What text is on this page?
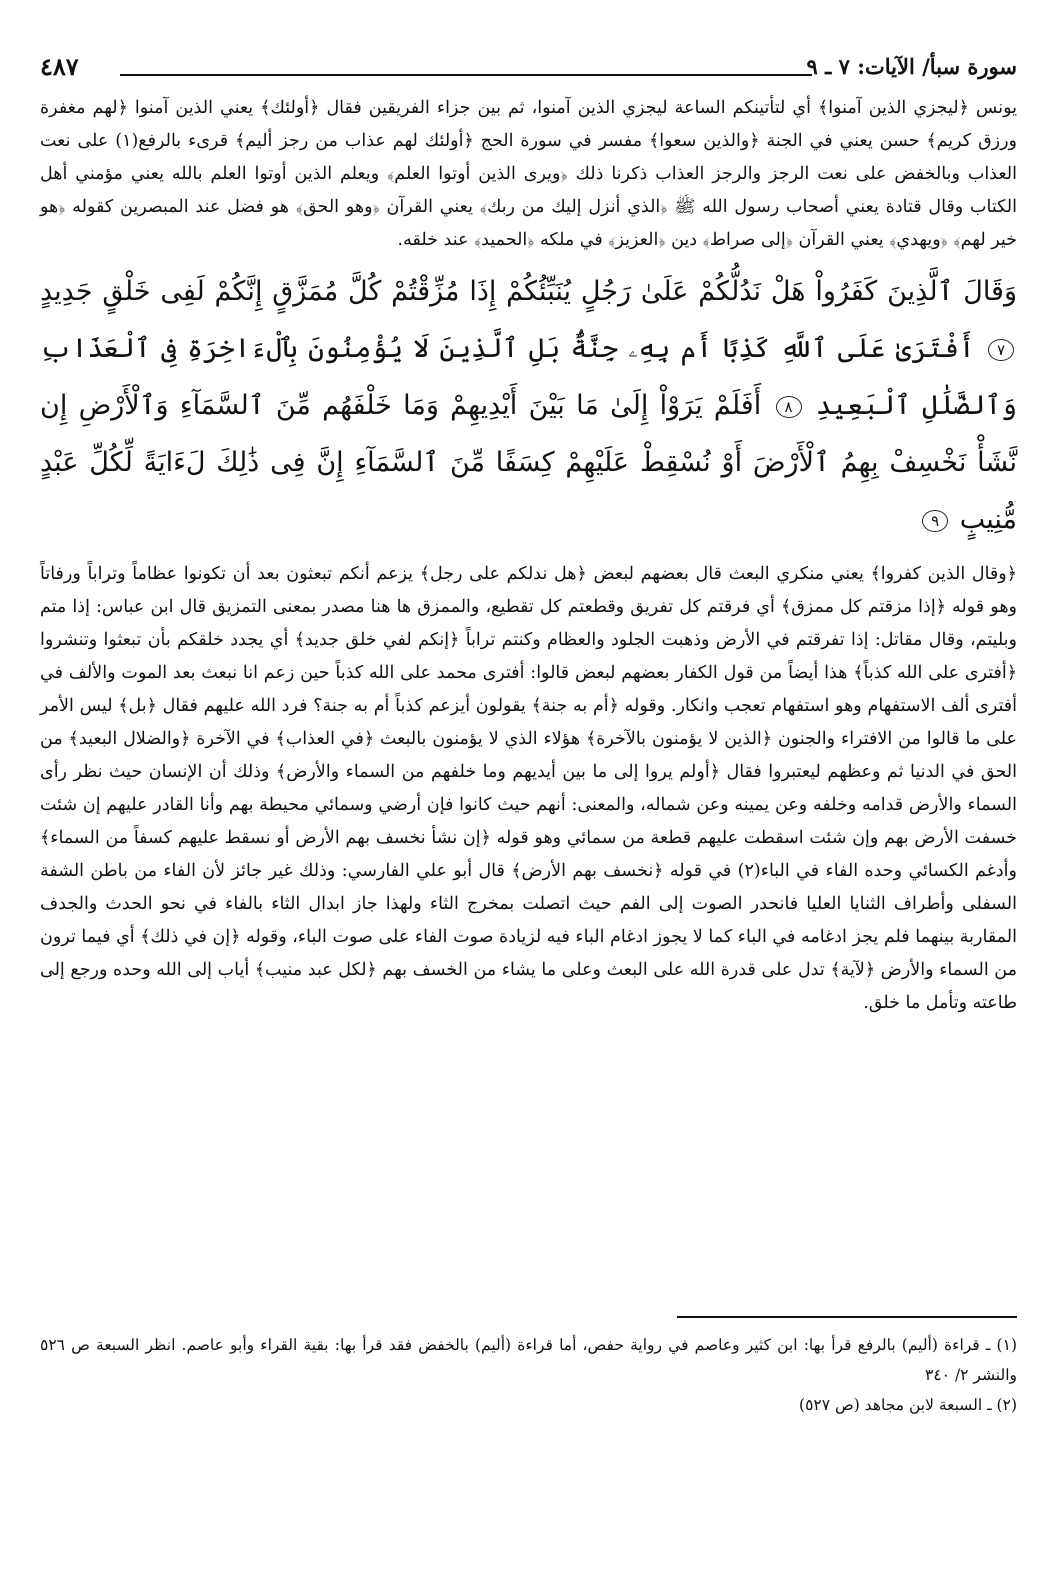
سورة سبأ/ الآيات: ٧ ـ ٩
٤٨٧

يونس ﴿ليجزي الذين آمنوا﴾ أي لتأتينكم الساعة ليجزي الذين آمنوا، ثم بين جزاء الفريقين فقال ﴿أولئك﴾ يعني الذين آمنوا ﴿لهم مغفرة ورزق كريم﴾ حسن يعني في الجنة ﴿والذين سعوا﴾ مفسر في سورة الحج ﴿أولئك لهم عذاب من رجز أليم﴾ قرىء بالرفع(١) على نعت العذاب وبالخفض على نعت الرجز والرجز العذاب ذكرنا ذلك ﴿ويرى الذين أوتوا العلم﴾ ويعلم الذين أوتوا العلم بالله يعني مؤمني أهل الكتاب وقال قتادة يعني أصحاب رسول الله ﷺ ﴿الذي أنزل إليك من ربك﴾ يعني القرآن ﴿وهو الحق﴾ هو فضل عند المبصرين كقوله ﴿هو خير لهم﴾ ﴿ويهدي﴾ يعني القرآن ﴿إلى صراط﴾ دين ﴿العزيز﴾ في ملكه ﴿الحميد﴾ عند خلقه.

وَقَالَ ٱلَّذِينَ كَفَرُواْ هَلْ نَدُلُّكُمْ عَلَىٰ رَجُلٍ يُنَبِّئُكُمْ إِذَا مُزِّقْتُمْ كُلَّ مُمَزَّقٍ إِنَّكُمْ لَفِى خَلْقٍ جَدِيدٍ ٧ أَفْتَرَىٰ عَلَى ٱللَّهِ كَذِبًا أَم بِهِۦ جِنَّةٌۢ بَلِ ٱلَّذِينَ لَا يُؤْمِنُونَ بِٱلْءَاخِرَةِ فِى ٱلْعَذَابِ وَٱلضَّلَٰلِ ٱلْبَعِيدِ ٨ أَفَلَمْ يَرَوْاْ إِلَىٰ مَا بَيْنَ أَيْدِيهِمْ وَمَا خَلْفَهُم مِّنَ ٱلسَّمَآءِ وَٱلْأَرْضِ إِن نَّشَأْ نَخْسِفْ بِهِمُ ٱلْأَرْضَ أَوْ نُسْقِطْ عَلَيْهِمْ كِسَفًا مِّنَ ٱلسَّمَآءِ إِنَّ فِى ذَٰلِكَ لَءَايَةً لِّكُلِّ عَبْدٍ مُّنِيبٍ ٩

﴿وقال الذين كفروا﴾ يعني منكري البعث قال بعضهم لبعض ﴿هل ندلكم على رجل﴾ يزعم أنكم تبعثون بعد أن تكونوا عظاماً وتراباً ورفاتاً وهو قوله ﴿إذا مزقتم كل ممزق﴾ أي فرقتم كل تفريق وقطعتم كل تقطيع، والممزق ها هنا مصدر بمعنى التمزيق قال ابن عباس: إذا متم وبليتم، وقال مقاتل: إذا تفرقتم في الأرض وذهبت الجلود والعظام وكنتم تراباً ﴿إنكم لفي خلق جديد﴾ أي يجدد خلقكم بأن تبعثوا وتنشروا ﴿أفترى على الله كذباً﴾ هذا أيضاً من قول الكفار بعضهم لبعض قالوا: أفترى محمد على الله كذباً حين زعم انا نبعث بعد الموت والألف في أفترى ألف الاستفهام وهو استفهام تعجب وانكار. وقوله ﴿أم به جنة﴾ يقولون أيزعم كذباً أم به جنة؟ فرد الله عليهم فقال ﴿بل﴾ ليس الأمر على ما قالوا من الافتراء والجنون ﴿الذين لا يؤمنون بالآخرة﴾ هؤلاء الذي لا يؤمنون بالبعث ﴿في العذاب﴾ في الآخرة ﴿والضلال البعيد﴾ من الحق في الدنيا ثم وعظهم ليعتبروا فقال ﴿أولم يروا إلى ما بين أيديهم وما خلفهم من السماء والأرض﴾ وذلك أن الإنسان حيث نظر رأى السماء والأرض قدامه وخلفه وعن يمينه وعن شماله، والمعنى: أنهم حيث كانوا فإن أرضي وسمائي محيطة بهم وأنا القادر عليهم إن شئت خسفت الأرض بهم وإن شئت اسقطت عليهم قطعة من سمائي وهو قوله ﴿إن نشأ نخسف بهم الأرض أو نسقط عليهم كسفاً من السماء﴾ وأدغم الكسائي وحده الفاء في الباء(٢) في قوله ﴿نخسف بهم الأرض﴾ قال أبو علي الفارسي: وذلك غير جائز لأن الفاء من باطن الشفة السفلى وأطراف الثنايا العليا فانحدر الصوت إلى الفم حيث اتصلت بمخرج الثاء ولهذا جاز ابدال الثاء بالفاء في نحو الحدث والجدف المقاربة بينهما فلم يجز ادغامه في الباء كما لا يجوز ادغام الباء فيه لزيادة صوت الفاء على صوت الباء، وقوله ﴿إن في ذلك﴾ أي فيما ترون من السماء والأرض ﴿لآية﴾ تدل على قدرة الله على البعث وعلى ما يشاء من الخسف بهم ﴿لكل عبد منيب﴾ أياب إلى الله وحده ورجع إلى طاعته وتأمل ما خلق.

(١) ـ قراءة (أليم) بالرفع قرأ بها: ابن كثير وعاصم في رواية حفص، أما قراءة (أليم) بالخفض فقد قرأ بها: بقية القراء وأبو عاصم. انظر السبعة ص ٥٢٦ والنشر ٢/ ٣٤٠

(٢) ـ السبعة لابن مجاهد (ص ٥٢٧)
